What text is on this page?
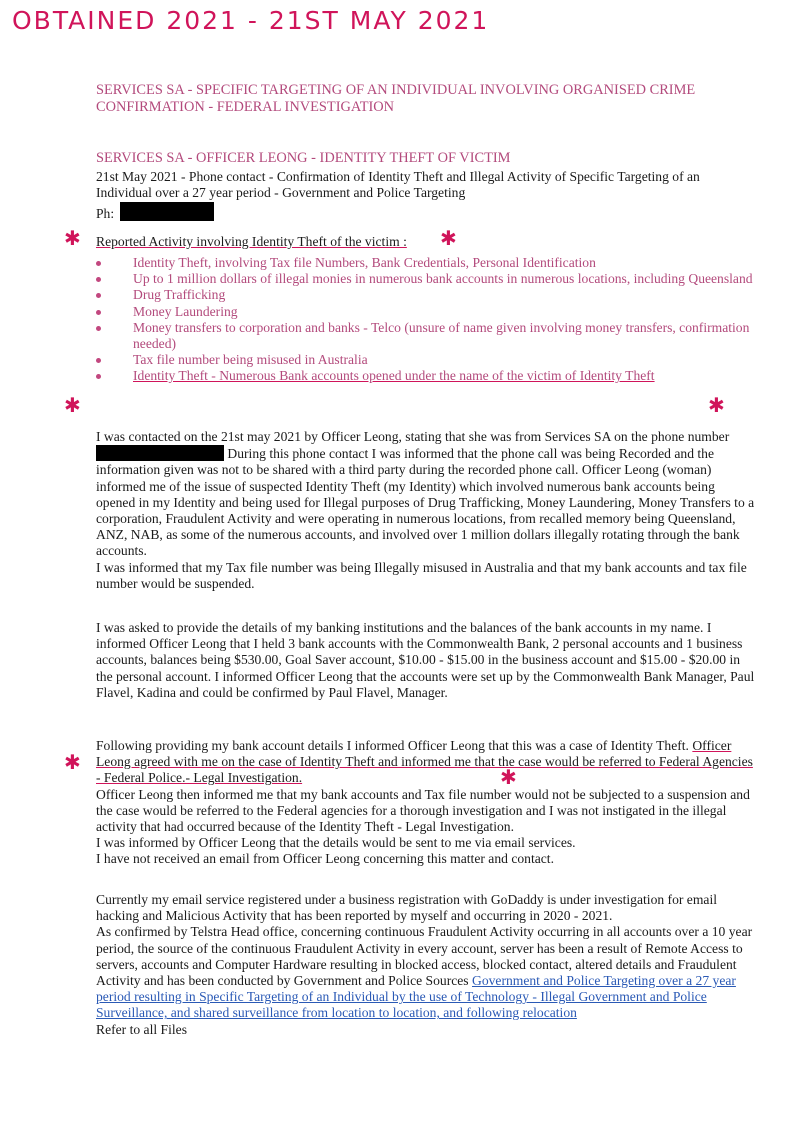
OBTAINED 2021 - 21ST MAY 2021
SERVICES SA - SPECIFIC TARGETING OF AN INDIVIDUAL INVOLVING ORGANISED CRIME
CONFIRMATION - FEDERAL INVESTIGATION
SERVICES SA - OFFICER LEONG - IDENTITY THEFT OF VICTIM

21st May 2021 - Phone contact - Confirmation of Identity Theft and Illegal Activity of Specific Targeting of an Individual over a 27 year period - Government and Police Targeting

Ph:
✱ Reported Activity involving Identity Theft of the victim : ✱
Identity Theft, involving Tax file Numbers, Bank Credentials, Personal Identification
Up to 1 million dollars of illegal monies in numerous bank accounts in numerous locations, including Queensland
Drug Trafficking
Money Laundering
Money transfers to corporation and banks - Telco (unsure of name given involving money transfers, confirmation needed)
Tax file number being misused in Australia
Identity Theft - Numerous Bank accounts opened under the name of the victim of Identity Theft
✱	✱
I was contacted on the 21st may 2021 by Officer Leong, stating that she was from Services SA on the phone number  During this phone contact I was informed that the phone call was being Recorded and the information given was not to be shared with a third party during the recorded phone call. Officer Leong (woman) informed me of the issue of suspected Identity Theft (my Identity) which involved numerous bank accounts being opened in my Identity and being used for Illegal purposes of Drug Trafficking, Money Laundering, Money Transfers to a corporation, Fraudulent Activity and were operating in numerous locations, from recalled memory being Queensland, ANZ, NAB, as some of the numerous accounts, and involved over 1 million dollars illegally rotating through the bank accounts.
I was informed that my Tax file number was being Illegally misused in Australia and that my bank accounts and tax file number would be suspended.

I was asked to provide the details of my banking institutions and the balances of the bank accounts in my name. I informed Officer Leong that I held 3 bank accounts with the Commonwealth Bank, 2 personal accounts and 1 business accounts, balances being $530.00, Goal Saver account, $10.00 - $15.00 in the business account and $15.00 - $20.00 in the personal account. I informed Officer Leong that the accounts were set up by the Commonwealth Bank Manager, Paul Flavel, Kadina and could be confirmed by Paul Flavel, Manager.

✱
Following providing my bank account details I informed Officer Leong that this was a case of Identity Theft. Officer Leong agreed with me on the case of Identity Theft and informed me that the case would be referred to Federal Agencies - Federal Police.- Legal Investigation.
Officer Leong then informed me that my bank accounts and Tax file number would not be subjected to a suspension and the case would be referred to the Federal agencies for a thorough investigation and I was not instigated in the illegal activity that had occurred because of the Identity Theft - Legal Investigation.
I was informed by Officer Leong that the details would be sent to me via email services.
I have not received an email from Officer Leong concerning this matter and contact.
✱
Currently my email service registered under a business registration with GoDaddy is under investigation for email hacking and Malicious Activity that has been reported by myself and occurring in 2020 - 2021.
As confirmed by Telstra Head office, concerning continuous Fraudulent Activity occurring in all accounts over a 10 year period, the source of the continuous Fraudulent Activity in every account, server has been a result of Remote Access to servers, accounts and Computer Hardware resulting in blocked access, blocked contact, altered details and Fraudulent Activity and has been conducted by Government and Police Sources Government and Police Targeting over a 27 year period resulting in Specific Targeting of an Individual by the use of Technology - Illegal Government and Police Surveillance, and shared surveillance from location to location, and following relocation
Refer to all Files
